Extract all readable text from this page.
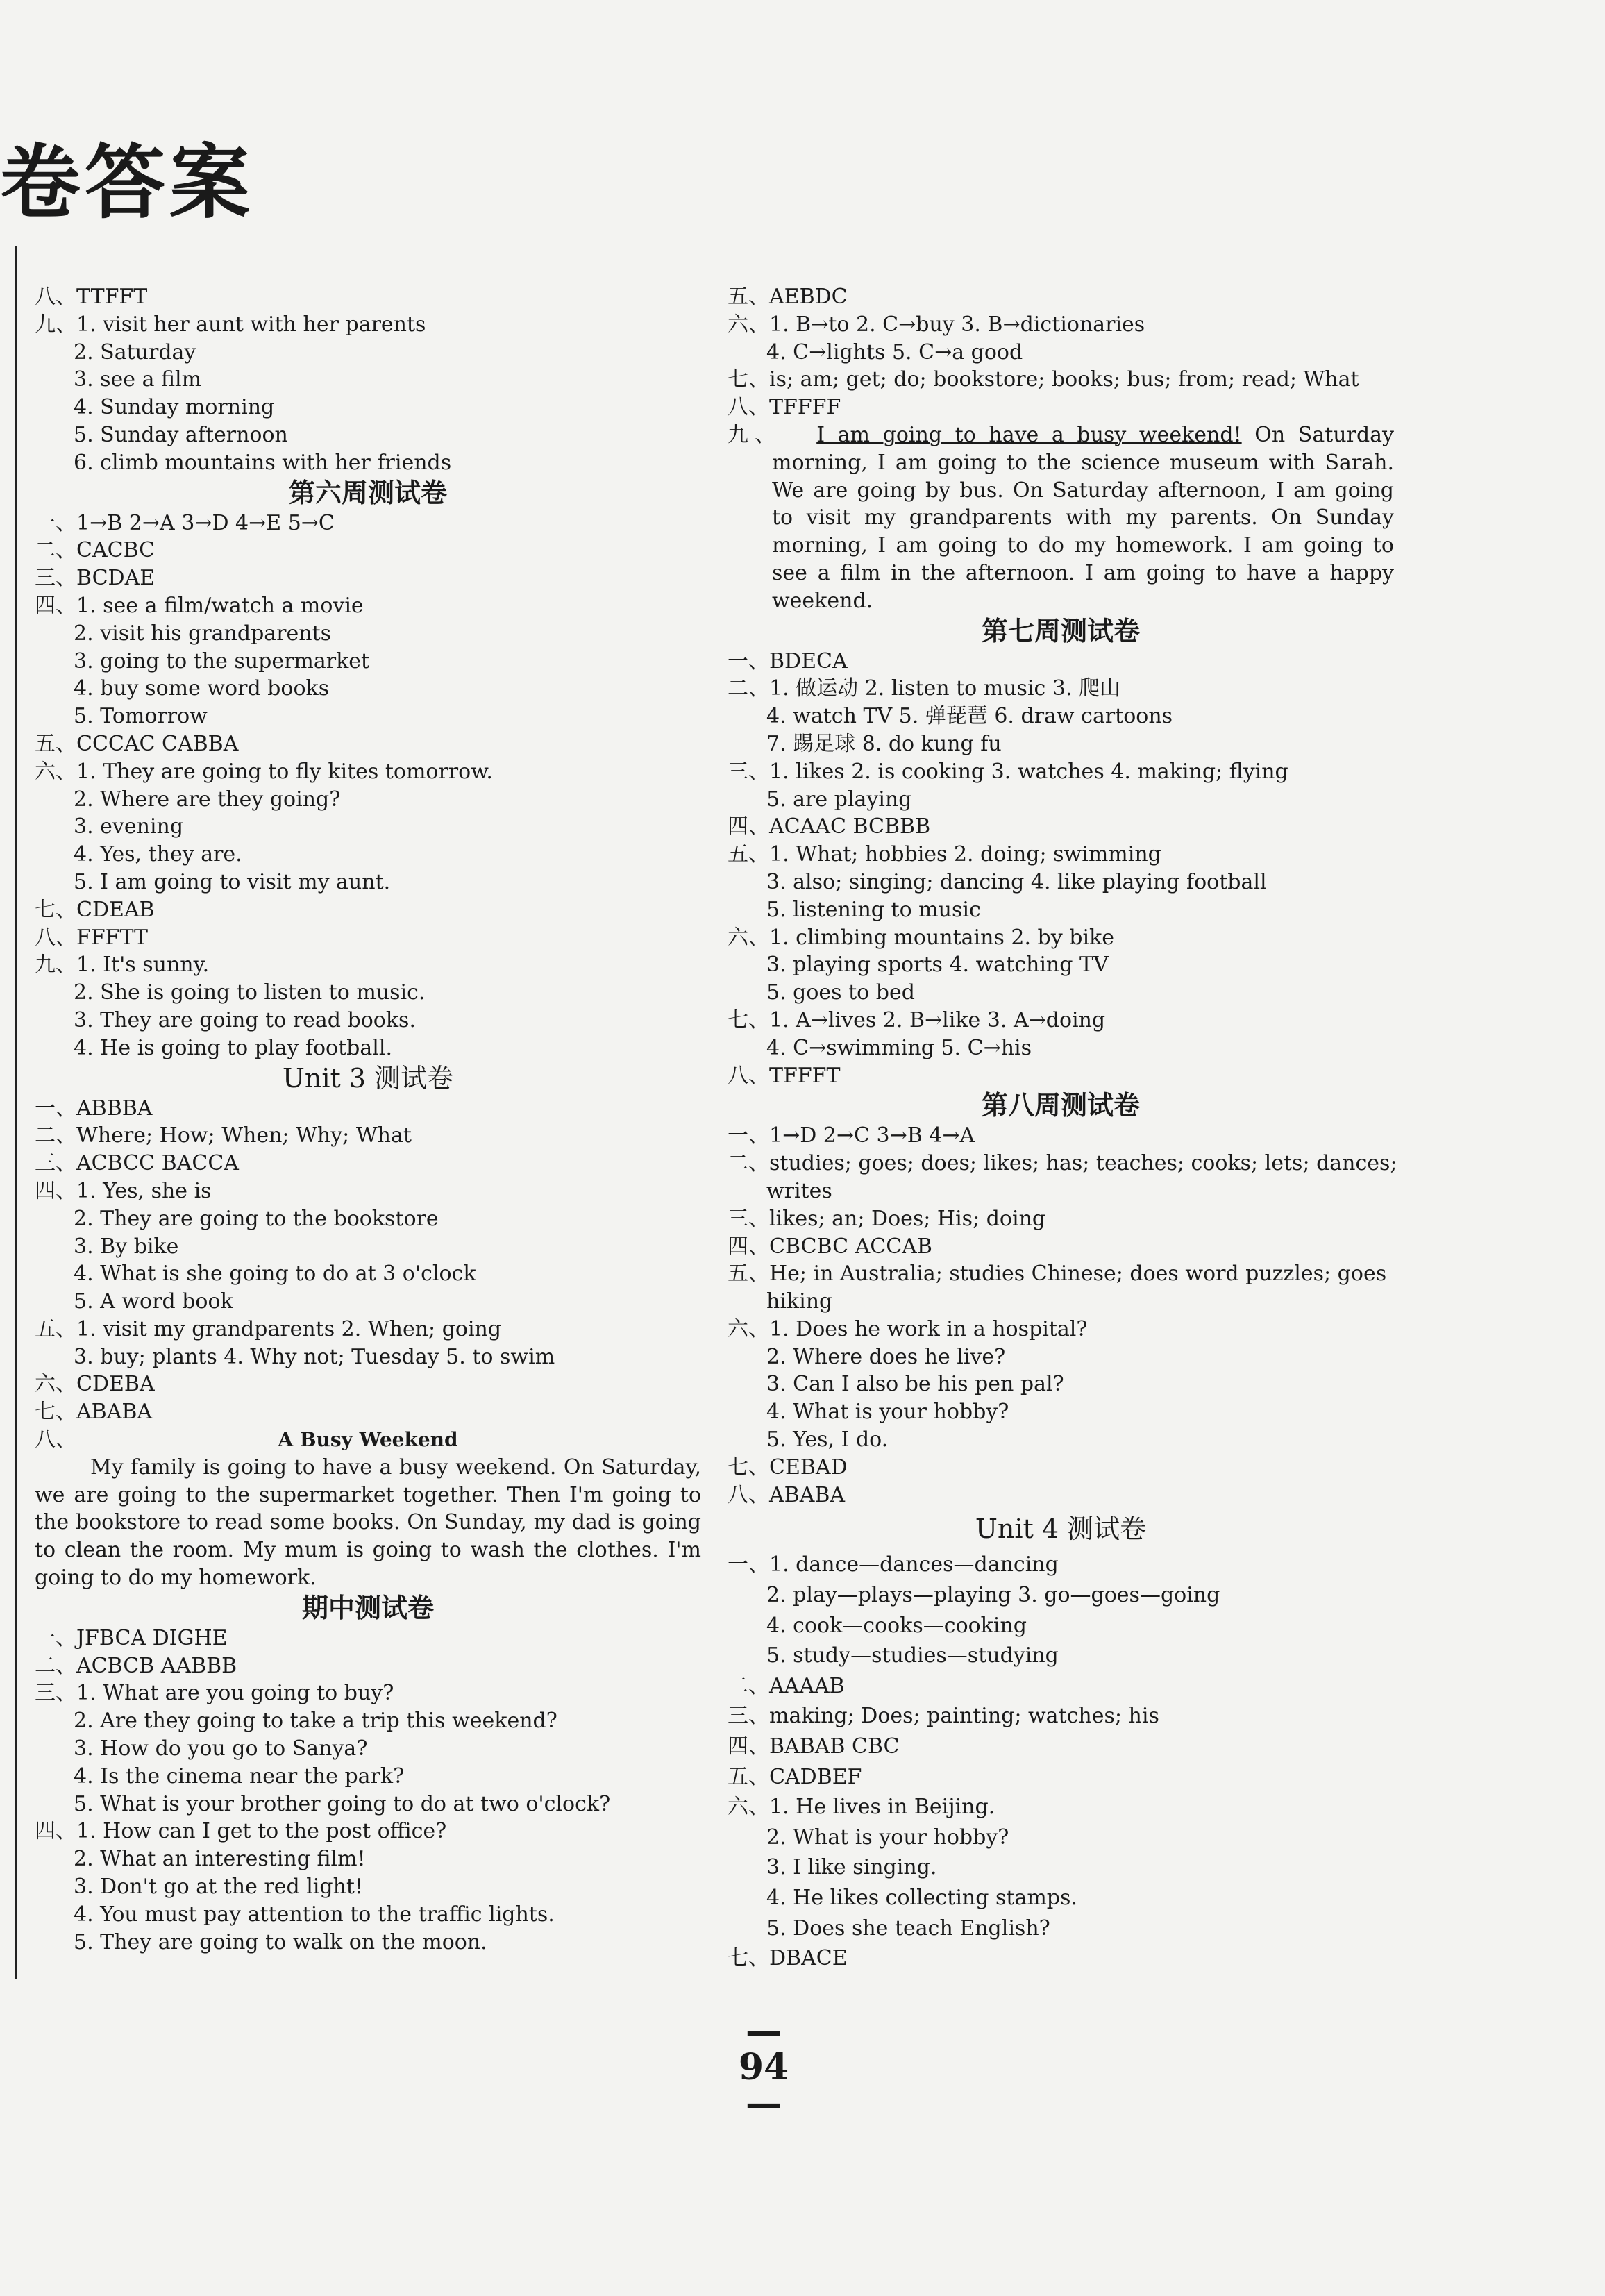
卷答案
八、TTFFT
九、1. visit her aunt with her parents
2. Saturday
3. see a film
4. Sunday morning
5. Sunday afternoon
6. climb mountains with her friends
第六周测试卷
一、1→B 2→A 3→D 4→E 5→C
二、CACBC
三、BCDAE
四、1. see a film/watch a movie
2. visit his grandparents
3. going to the supermarket
4. buy some word books
5. Tomorrow
五、CCCAC CABBA
六、1. They are going to fly kites tomorrow.
2. Where are they going?
3. evening
4. Yes, they are.
5. I am going to visit my aunt.
七、CDEAB
八、FFFTT
九、1. It's sunny.
2. She is going to listen to music.
3. They are going to read books.
4. He is going to play football.
Unit 3 测试卷
一、ABBBA
二、Where; How; When; Why; What
三、ACBCC BACCA
四、1. Yes, she is
2. They are going to the bookstore
3. By bike
4. What is she going to do at 3 o'clock
5. A word book
五、1. visit my grandparents 2. When; going
3. buy; plants 4. Why not; Tuesday 5. to swim
六、CDEBA
七、ABABA
八、	A Busy Weekend
My family is going to have a busy weekend. On Saturday, we are going to the supermarket together. Then I'm going to the bookstore to read some books. On Sunday, my dad is going to clean the room. My mum is going to wash the clothes. I'm going to do my homework.
期中测试卷
一、JFBCA DIGHE
二、ACBCB AABBB
三、1. What are you going to buy?
2. Are they going to take a trip this weekend?
3. How do you go to Sanya?
4. Is the cinema near the park?
5. What is your brother going to do at two o'clock?
四、1. How can I get to the post office?
2. What an interesting film!
3. Don't go at the red light!
4. You must pay attention to the traffic lights.
5. They are going to walk on the moon.
五、AEBDC
六、1. B→to 2. C→buy 3. B→dictionaries
4. C→lights 5. C→a good
七、is; am; get; do; bookstore; books; bus; from; read; What
八、TFFFF
九、 I am going to have a busy weekend! On Saturday morning, I am going to the science museum with Sarah. We are going by bus. On Saturday afternoon, I am going to visit my grandparents with my parents. On Sunday morning, I am going to do my homework. I am going to see a film in the afternoon. I am going to have a happy weekend.
第七周测试卷
一、BDECA
二、1. 做运动 2. listen to music 3. 爬山
4. watch TV 5. 弹琵琶 6. draw cartoons
7. 踢足球 8. do kung fu
三、1. likes 2. is cooking 3. watches 4. making; flying
5. are playing
四、ACAAC BCBBB
五、1. What; hobbies 2. doing; swimming
3. also; singing; dancing 4. like playing football
5. listening to music
六、1. climbing mountains 2. by bike
3. playing sports 4. watching TV
5. goes to bed
七、1. A→lives 2. B→like 3. A→doing
4. C→swimming 5. C→his
八、TFFFT
第八周测试卷
一、1→D 2→C 3→B 4→A
二、studies; goes; does; likes; has; teaches; cooks; lets; dances;
writes
三、likes; an; Does; His; doing
四、CBCBC ACCAB
五、He; in Australia; studies Chinese; does word puzzles; goes
hiking
六、1. Does he work in a hospital?
2. Where does he live?
3. Can I also be his pen pal?
4. What is your hobby?
5. Yes, I do.
七、CEBAD
八、ABABA
Unit 4 测试卷
一、1. dance—dances—dancing
2. play—plays—playing 3. go—goes—going
4. cook—cooks—cooking
5. study—studies—studying
二、AAAAB
三、making; Does; painting; watches; his
四、BABAB CBC
五、CADBEF
六、1. He lives in Beijing.
2. What is your hobby?
3. I like singing.
4. He likes collecting stamps.
5. Does she teach English?
七、DBACE
—94—
